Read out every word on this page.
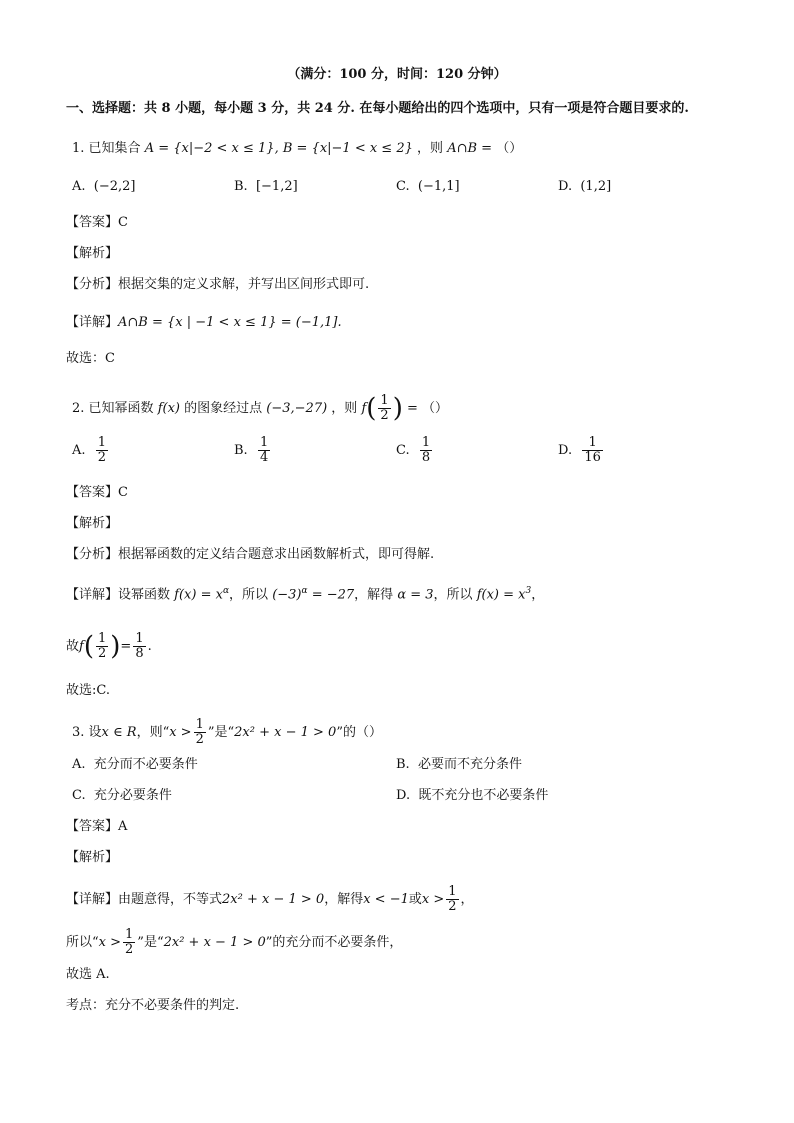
（满分：100 分，时间：120 分钟）
一、选择题：共 8 小题，每小题 3 分，共 24 分. 在每小题给出的四个选项中，只有一项是符合题目要求的.
1. 已知集合 A = {x|−2 < x ≤ 1}, B = {x|−1 < x ≤ 2} ，则 A∩B = （）
A. (−2,2]	B. [−1,2]	C. (−1,1]	D. (1,2]
【答案】C
【解析】
【分析】根据交集的定义求解，并写出区间形式即可.
【详解】A∩B = {x | −1 < x ≤ 1} = (−1,1].
故选：C
2. 已知幂函数 f(x) 的图象经过点 (−3,−27) ，则 $f( \frac{1}{2}$ ) = （）
A. $\frac{1}{2}$	B. $\frac{1}{4}$	C. $\frac{1}{8}$	D. $\frac{1}{16}$
【答案】C
【解析】
【分析】根据幂函数的定义结合题意求出函数解析式，即可得解.
【详解】设幂函数 $f(x) = x^\alpha$，所以 $(-3)^\alpha = -27$，解得 α = 3，所以 $f(x) = x^3$，
故$f( \frac{1}{2}$ )= $\frac{1}{8}$ .
故选:C.
3. 设x ∈ R，则“$x > \frac{1}{2}$ ”是“2x² + x − 1 > 0”的（）
A. 充分而不必要条件	B. 必要而不充分条件
C. 充分必要条件	D. 既不充分也不必要条件
【答案】A
【解析】
【详解】由题意得，不等式2x² + x − 1 > 0，解得x < −1或$x > \frac{1}{2}$ ，
所以“$x > \frac{1}{2}$ ”是“2x² + x − 1 > 0”的充分而不必要条件，
故选 A.
考点：充分不必要条件的判定.
